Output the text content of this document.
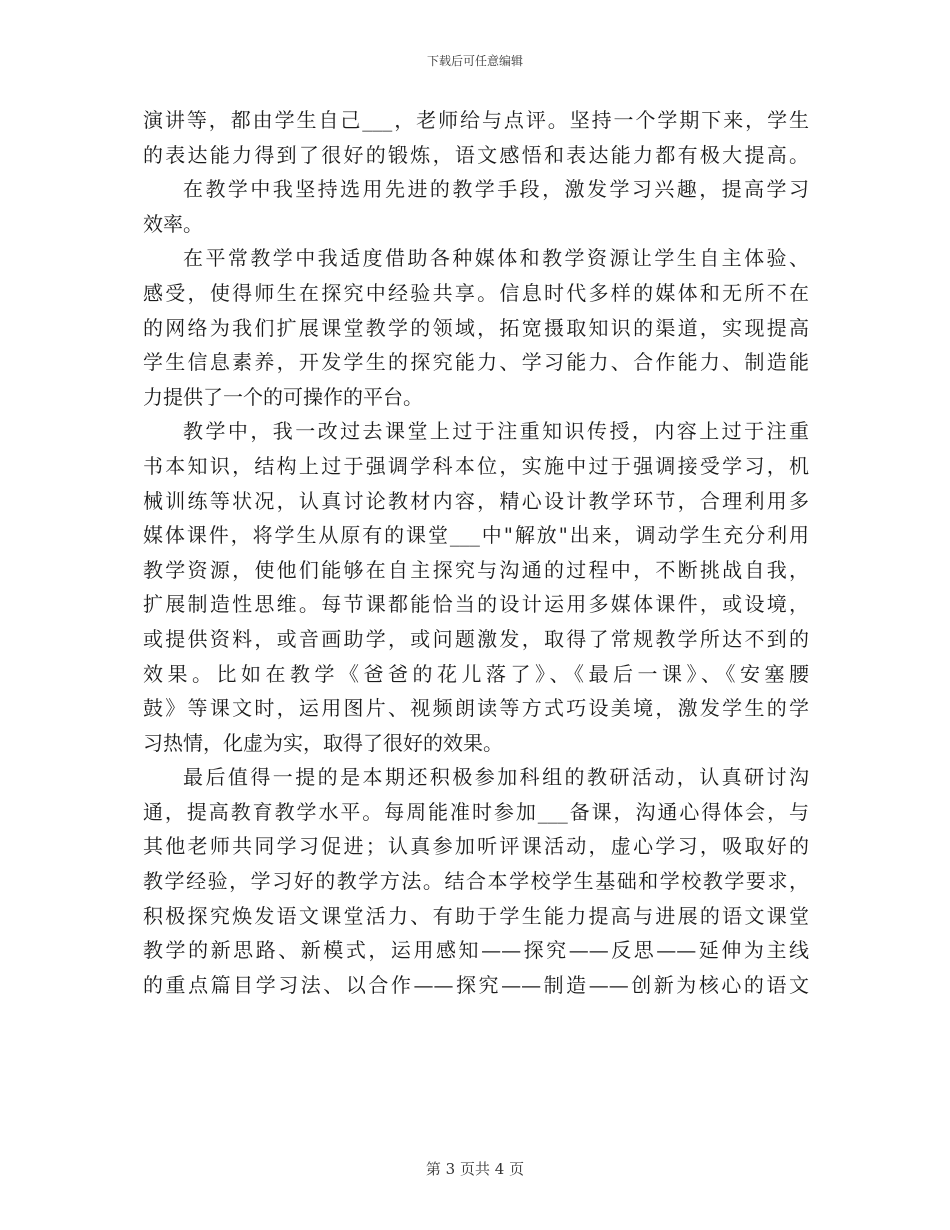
下载后可任意编辑
演讲等，都由学生自己___，老师给与点评。坚持一个学期下来，学生
的表达能力得到了很好的锻炼，语文感悟和表达能力都有极大提高。
在教学中我坚持选用先进的教学手段，激发学习兴趣，提高学习
效率。
在平常教学中我适度借助各种媒体和教学资源让学生自主体验、
感受，使得师生在探究中经验共享。信息时代多样的媒体和无所不在
的网络为我们扩展课堂教学的领域，拓宽摄取知识的渠道，实现提高
学生信息素养，开发学生的探究能力、学习能力、合作能力、制造能
力提供了一个的可操作的平台。
教学中，我一改过去课堂上过于注重知识传授，内容上过于注重
书本知识，结构上过于强调学科本位，实施中过于强调接受学习，机
械训练等状况，认真讨论教材内容，精心设计教学环节，合理利用多
媒体课件，将学生从原有的课堂___中"解放"出来，调动学生充分利用
教学资源，使他们能够在自主探究与沟通的过程中，不断挑战自我，
扩展制造性思维。每节课都能恰当的设计运用多媒体课件，或设境，
或提供资料，或音画助学，或问题激发，取得了常规教学所达不到的
效果。比如在教学《爸爸的花儿落了》、《最后一课》、《安塞腰
鼓》等课文时，运用图片、视频朗读等方式巧设美境，激发学生的学
习热情，化虚为实，取得了很好的效果。
最后值得一提的是本期还积极参加科组的教研活动，认真研讨沟
通，提高教育教学水平。每周能准时参加___备课，沟通心得体会，与
其他老师共同学习促进；认真参加听评课活动，虚心学习，吸取好的
教学经验，学习好的教学方法。结合本学校学生基础和学校教学要求，
积极探究焕发语文课堂活力、有助于学生能力提高与进展的语文课堂
教学的新思路、新模式，运用感知——探究——反思——延伸为主线
的重点篇目学习法、以合作——探究——制造——创新为核心的语文
第 3 页共 4 页
